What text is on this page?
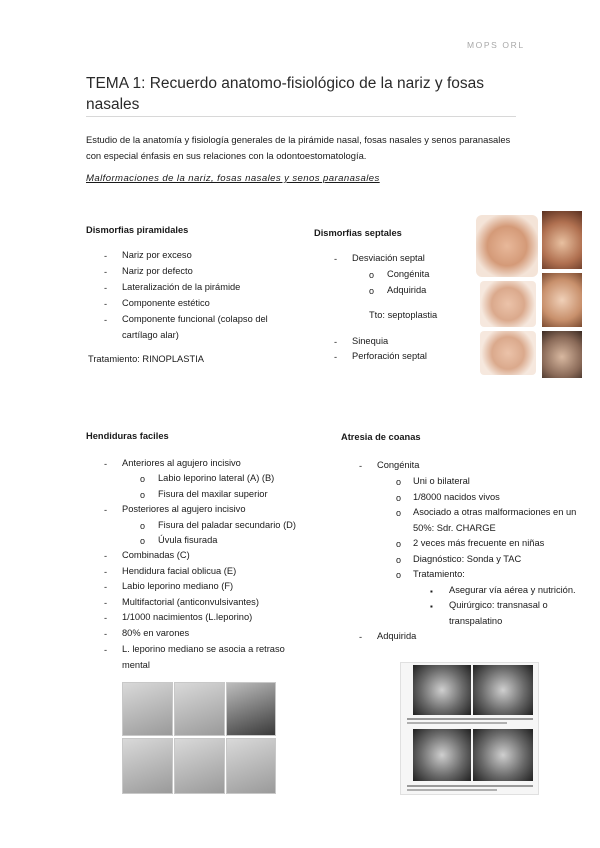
MOPS ORL
TEMA 1: Recuerdo anatomo-fisiológico de la nariz y fosas nasales

Estudio de la anatomía y fisiología generales de la pirámide nasal, fosas nasales y senos paranasales con especial énfasis en sus relaciones con la odontoestomatología.

Malformaciones de la nariz, fosas nasales y senos paranasales
Dismorfias piramidales
- Nariz por exceso
- Nariz por defecto
- Lateralización de la pirámide
- Componente estético
- Componente funcional (colapso del cartílago alar)
Tratamiento: RINOPLASTIA
Dismorfias septales
- Desviación septal
o Congénita
o Adquirida
Tto: septoplastia
- Sinequia
- Perforación septal
Hendiduras faciles
- Anteriores al agujero incisivo
o Labio leporino lateral (A) (B)
o Fisura del maxilar superior
- Posteriores al agujero incisivo
o Fisura del paladar secundario (D)
o Úvula fisurada
- Combinadas (C)
- Hendidura facial oblicua (E)
- Labio leporino mediano (F)
- Multifactorial (anticonvulsivantes)
- 1/1000 nacimientos (L.leporino)
- 80% en varones
- L. leporino mediano se asocia a retraso mental
Atresia de coanas
- Congénita
o Uni o bilateral
o 1/8000 nacidos vivos
o Asociado a otras malformaciones en un 50%: Sdr. CHARGE
o 2 veces más frecuente en niñas
o Diagnóstico: Sonda y TAC
o Tratamiento:
▪ Asegurar vía aérea y nutrición.
▪ Quirúrgico: transnasal o transpalatino
- Adquirida
